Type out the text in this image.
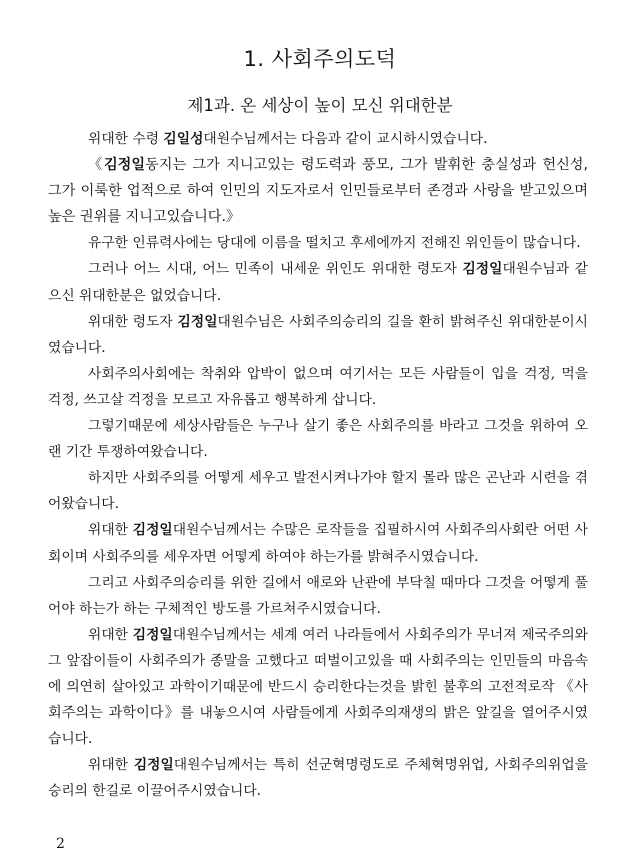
1. 사회주의도덕
제1과. 온 세상이 높이 모신 위대한분

위대한 수령 김일성대원수님께서는 다음과 같이 교시하시였습니다.

《김정일동지는 그가 지니고있는 령도력과 풍모, 그가 발휘한 충실성과 헌신성, 그가 이룩한 업적으로 하여 인민의 지도자로서 인민들로부터 존경과 사랑을 받고있으며 높은 권위를 지니고있습니다.》

유구한 인류력사에는 당대에 이름을 떨치고 후세에까지 전해진 위인들이 많습니다.

그러나 어느 시대, 어느 민족이 내세운 위인도 위대한 령도자 김정일대원수님과 같으신 위대한분은 없었습니다.

위대한 령도자 김정일대원수님은 사회주의승리의 길을 환히 밝혀주신 위대한분이시였습니다.

사회주의사회에는 착취와 압박이 없으며 여기서는 모든 사람들이 입을 걱정, 먹을 걱정, 쓰고살 걱정을 모르고 자유롭고 행복하게 삽니다.

그렇기때문에 세상사람들은 누구나 살기 좋은 사회주의를 바라고 그것을 위하여 오랜 기간 투쟁하여왔습니다.

하지만 사회주의를 어떻게 세우고 발전시켜나가야 할지 몰라 많은 곤난과 시련을 겪어왔습니다.

위대한 김정일대원수님께서는 수많은 로작들을 집필하시여 사회주의사회란 어떤 사회이며 사회주의를 세우자면 어떻게 하여야 하는가를 밝혀주시였습니다.

그리고 사회주의승리를 위한 길에서 애로와 난관에 부닥칠 때마다 그것을 어떻게 풀어야 하는가 하는 구체적인 방도를 가르쳐주시였습니다.

위대한 김정일대원수님께서는 세계 여러 나라들에서 사회주의가 무너져 제국주의와 그 앞잡이들이 사회주의가 종말을 고했다고 떠벌이고있을 때 사회주의는 인민들의 마음속에 의연히 살아있고 과학이기때문에 반드시 승리한다는것을 밝힌 불후의 고전적로작 《사회주의는 과학이다》를 내놓으시여 사람들에게 사회주의재생의 밝은 앞길을 열어주시였습니다.

위대한 김정일대원수님께서는 특히 선군혁명령도로 주체혁명위업, 사회주의위업을 승리의 한길로 이끌어주시였습니다.

2
